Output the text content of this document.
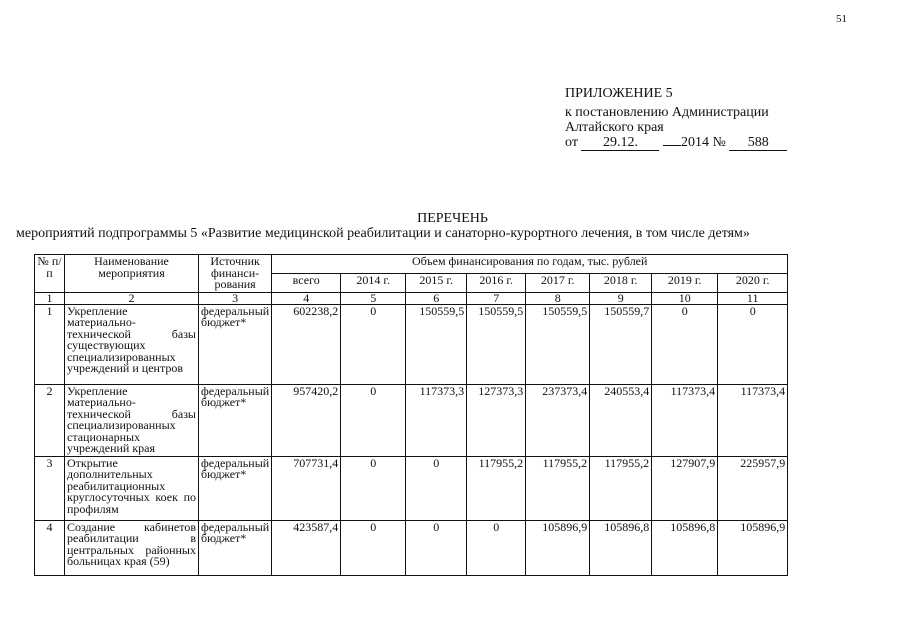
51
ПРИЛОЖЕНИЕ 5
к постановлению Администрации
Алтайского края
от 29.12.	2014 № 588
ПЕРЕЧЕНЬ
мероприятий подпрограммы 5 «Развитие медицинской реабилитации и санаторно-курортного лечения, в том числе детям»
№ п/п	Наименование мероприятия	Источник финанси-рования	Объем финансирования по годам, тыс. рублей							
			всего	2014 г.	2015 г.	2016 г.	2017 г.	2018 г.	2019 г.	2020 г.
1	2	3	4	5	6	7	8	9	10	11
1	Укрепление материально-технической базы существующих специализированных учреждений и центров	федеральный бюджет*	602238,2	0	150559,5	150559,5	150559,5	150559,7	0	0
2	Укрепление материально-технической базы специализированных стационарных учреждений края	федеральный бюджет*	957420,2	0	117373,3	127373,3	237373,4	240553,4	117373,4	117373,4
3	Открытие дополнительных реабилитационных круглосуточных коек по профилям	федеральный бюджет*	707731,4	0	0	117955,2	117955,2	117955,2	127907,9	225957,9
4	Создание кабинетов реабилитации в центральных районных больницах края (59)	федеральный бюджет*	423587,4	0	0	0	105896,9	105896,8	105896,8	105896,9
